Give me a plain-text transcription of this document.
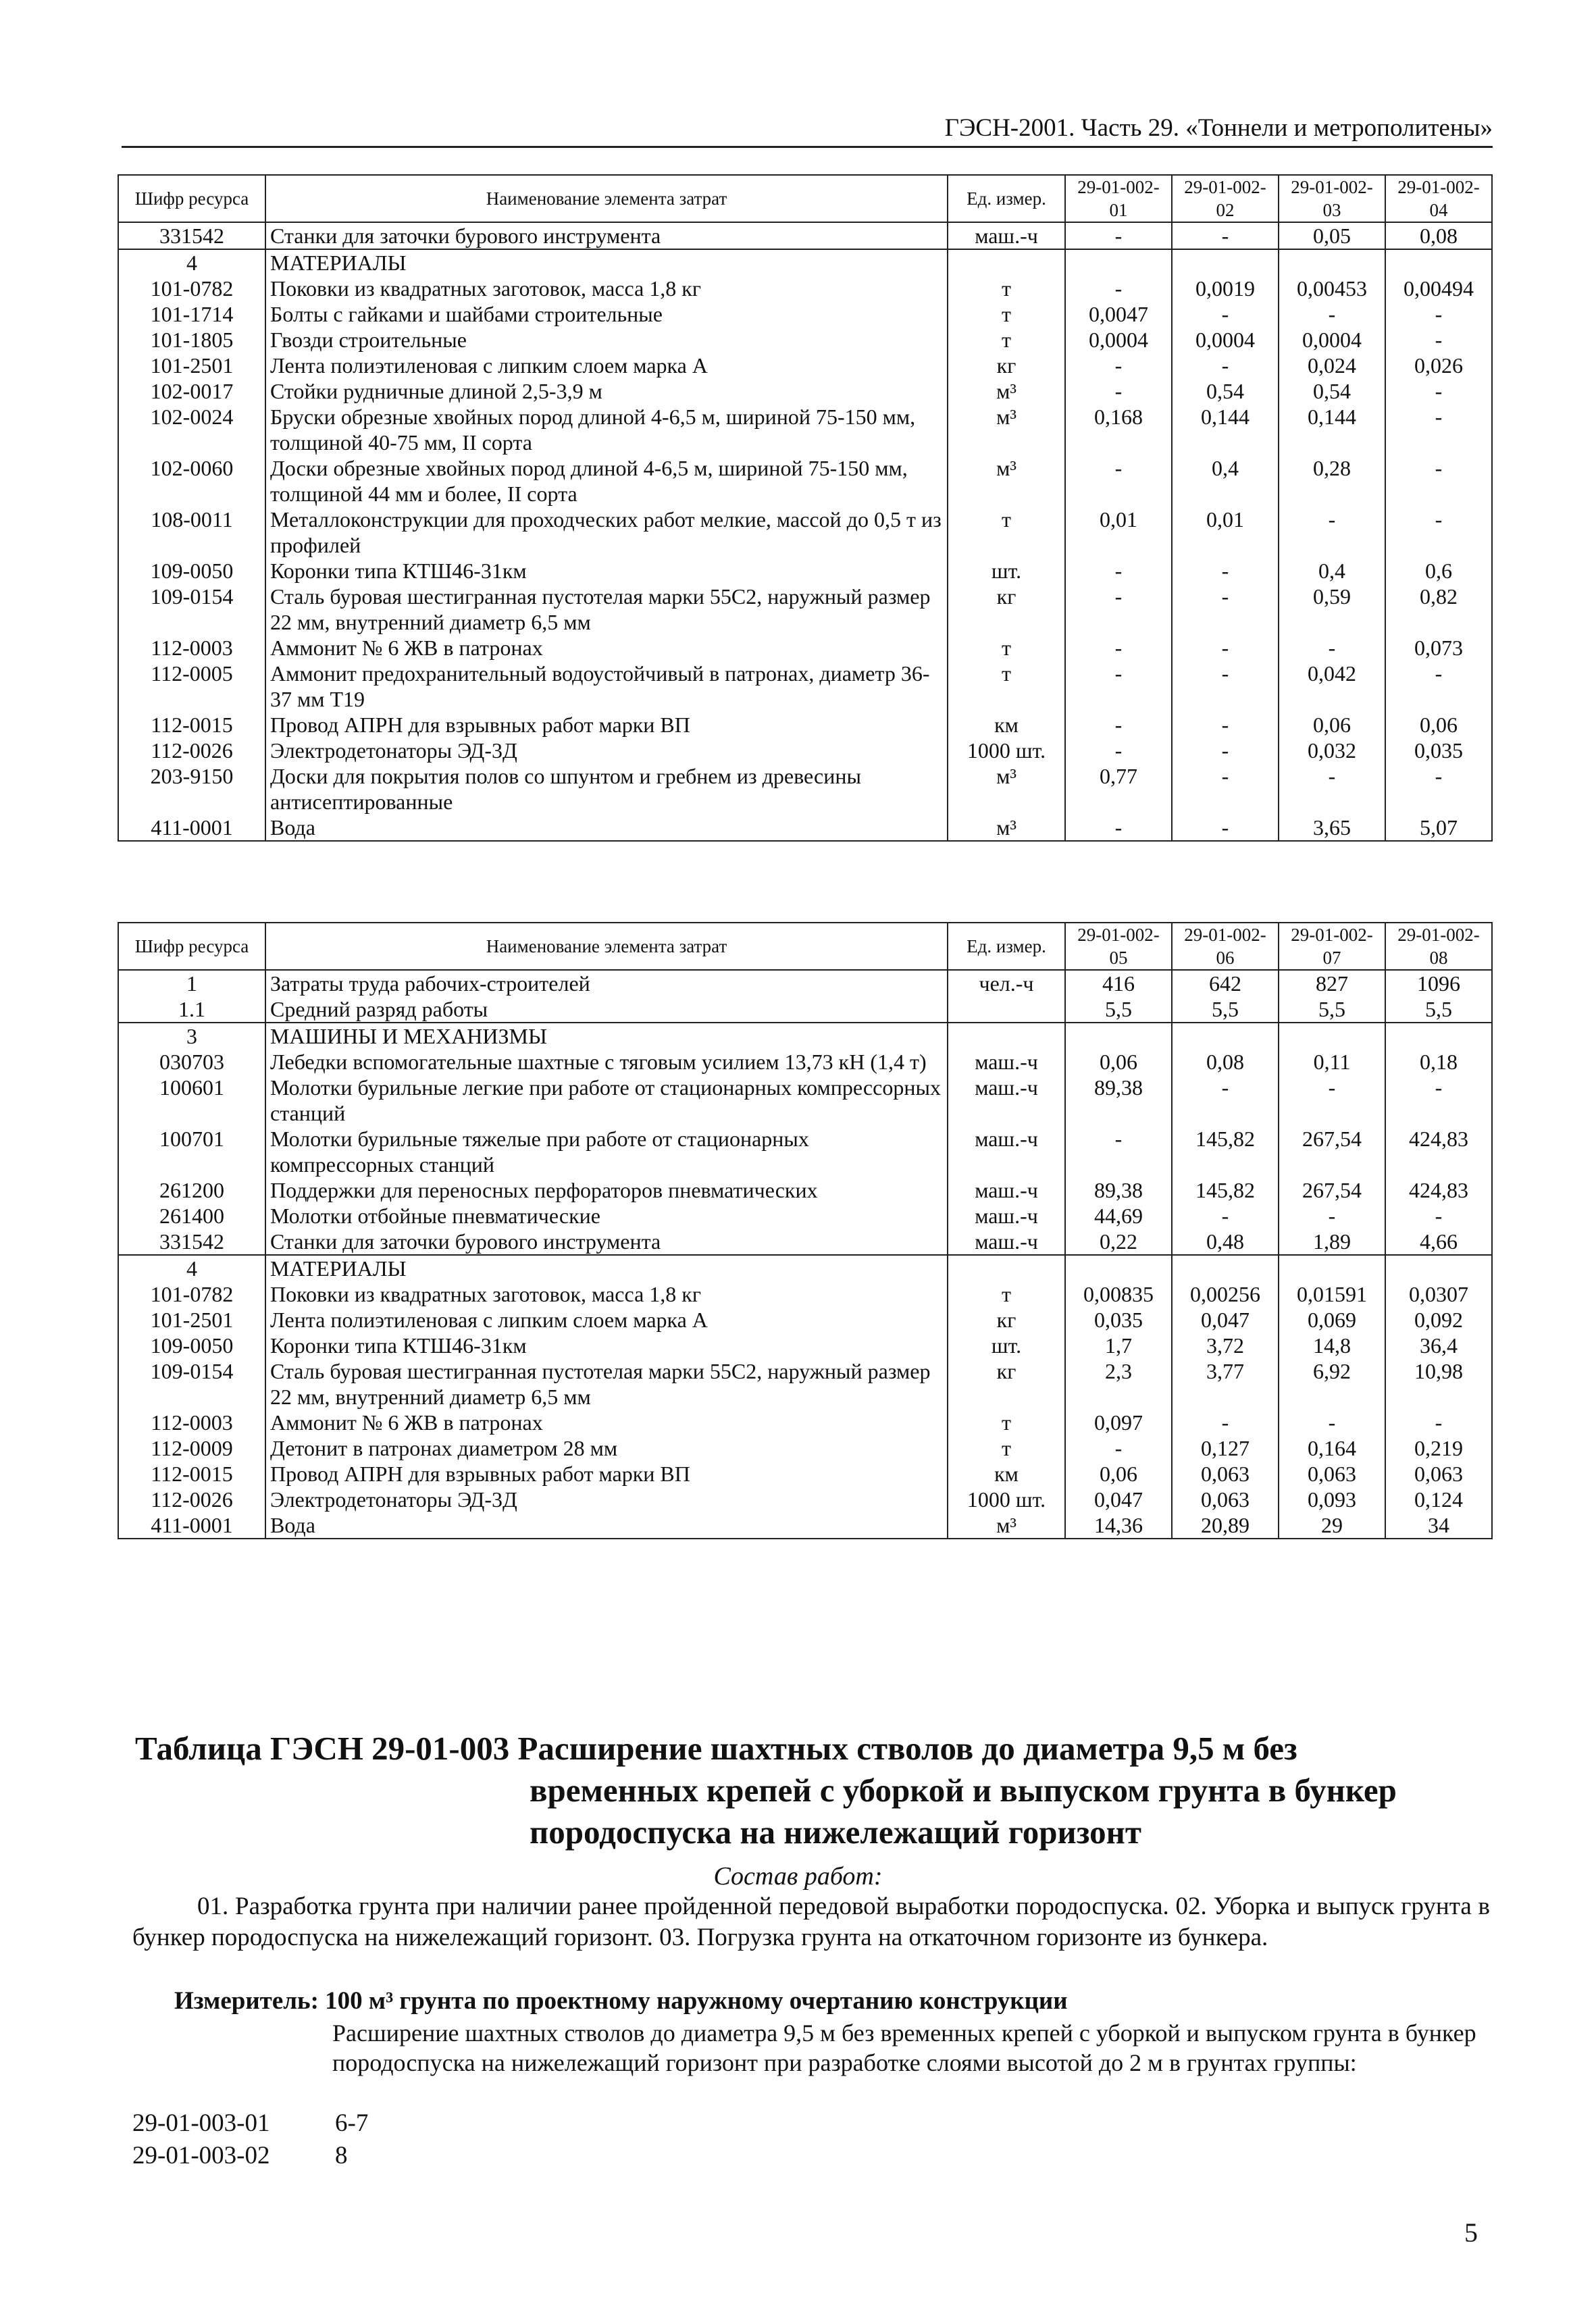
ГЭСН-2001. Часть 29. «Тоннели и метрополитены»
Шифр ресурса	Наименование элемента затрат	Ед. измер.	29-01-002-01	29-01-002-02	29-01-002-03	29-01-002-04
331542	Станки для заточки бурового инструмента	маш.-ч	-	-	0,05	0,08
4	МАТЕРИАЛЫ					
101-0782	Поковки из квадратных заготовок, масса 1,8 кг	т	-	0,0019	0,00453	0,00494
101-1714	Болты с гайками и шайбами строительные	т	0,0047	-	-	-
101-1805	Гвозди строительные	т	0,0004	0,0004	0,0004	-
101-2501	Лента полиэтиленовая с липким слоем марка А	кг	-	-	0,024	0,026
102-0017	Стойки рудничные длиной 2,5-3,9 м	м³	-	0,54	0,54	-
102-0024	Бруски обрезные хвойных пород длиной 4-6,5 м, шириной 75-150 мм, толщиной 40-75 мм, II сорта	м³	0,168	0,144	0,144	-
102-0060	Доски обрезные хвойных пород длиной 4-6,5 м, шириной 75-150 мм, толщиной 44 мм и более, II сорта	м³	-	0,4	0,28	-
108-0011	Металлоконструкции для проходческих работ мелкие, массой до 0,5 т из профилей	т	0,01	0,01	-	-
109-0050	Коронки типа КТШ46-31км	шт.	-	-	0,4	0,6
109-0154	Сталь буровая шестигранная пустотелая марки 55С2, наружный размер 22 мм, внутренний диаметр 6,5 мм	кг	-	-	0,59	0,82
112-0003	Аммонит № 6 ЖВ в патронах	т	-	-	-	0,073
112-0005	Аммонит предохранительный водоустойчивый в патронах, диаметр 36-37 мм Т19	т	-	-	0,042	-
112-0015	Провод АПРН для взрывных работ марки ВП	км	-	-	0,06	0,06
112-0026	Электродетонаторы ЭД-3Д	1000 шт.	-	-	0,032	0,035
203-9150	Доски для покрытия полов со шпунтом и гребнем из древесины антисептированные	м³	0,77	-	-	-
411-0001	Вода	м³	-	-	3,65	5,07
Шифр ресурса	Наименование элемента затрат	Ед. измер.	29-01-002-05	29-01-002-06	29-01-002-07	29-01-002-08
1	Затраты труда рабочих-строителей	чел.-ч	416	642	827	1096
1.1	Средний разряд работы		5,5	5,5	5,5	5,5
3	МАШИНЫ И МЕХАНИЗМЫ					
030703	Лебедки вспомогательные шахтные с тяговым усилием 13,73 кН (1,4 т)	маш.-ч	0,06	0,08	0,11	0,18
100601	Молотки бурильные легкие при работе от стационарных компрессорных станций	маш.-ч	89,38	-	-	-
100701	Молотки бурильные тяжелые при работе от стационарных компрессорных станций	маш.-ч	-	145,82	267,54	424,83
261200	Поддержки для переносных перфораторов пневматических	маш.-ч	89,38	145,82	267,54	424,83
261400	Молотки отбойные пневматические	маш.-ч	44,69	-	-	-
331542	Станки для заточки бурового инструмента	маш.-ч	0,22	0,48	1,89	4,66
4	МАТЕРИАЛЫ					
101-0782	Поковки из квадратных заготовок, масса 1,8 кг	т	0,00835	0,00256	0,01591	0,0307
101-2501	Лента полиэтиленовая с липким слоем марка А	кг	0,035	0,047	0,069	0,092
109-0050	Коронки типа КТШ46-31км	шт.	1,7	3,72	14,8	36,4
109-0154	Сталь буровая шестигранная пустотелая марки 55С2, наружный размер 22 мм, внутренний диаметр 6,5 мм	кг	2,3	3,77	6,92	10,98
112-0003	Аммонит № 6 ЖВ в патронах	т	0,097	-	-	-
112-0009	Детонит в патронах диаметром 28 мм	т	-	0,127	0,164	0,219
112-0015	Провод АПРН для взрывных работ марки ВП	км	0,06	0,063	0,063	0,063
112-0026	Электродетонаторы ЭД-3Д	1000 шт.	0,047	0,063	0,093	0,124
411-0001	Вода	м³	14,36	20,89	29	34
Таблица ГЭСН 29-01-003 Расширение шахтных стволов до диаметра 9,5 м без
временных крепей с уборкой и выпуском грунта в бункер
породоспуска на нижележащий горизонт
Состав работ:
01. Разработка грунта при наличии ранее пройденной передовой выработки породоспуска. 02. Уборка и выпуск грунта в бункер породоспуска на нижележащий горизонт. 03. Погрузка грунта на откаточном горизонте из бункера.
Измеритель: 100 м³ грунта по проектному наружному очертанию конструкции
Расширение шахтных стволов до диаметра 9,5 м без временных крепей с уборкой и выпуском грунта в бункер породоспуска на нижележащий горизонт при разработке слоями высотой до 2 м в грунтах группы:
29-01-003-01	6-7
29-01-003-02	8
5
